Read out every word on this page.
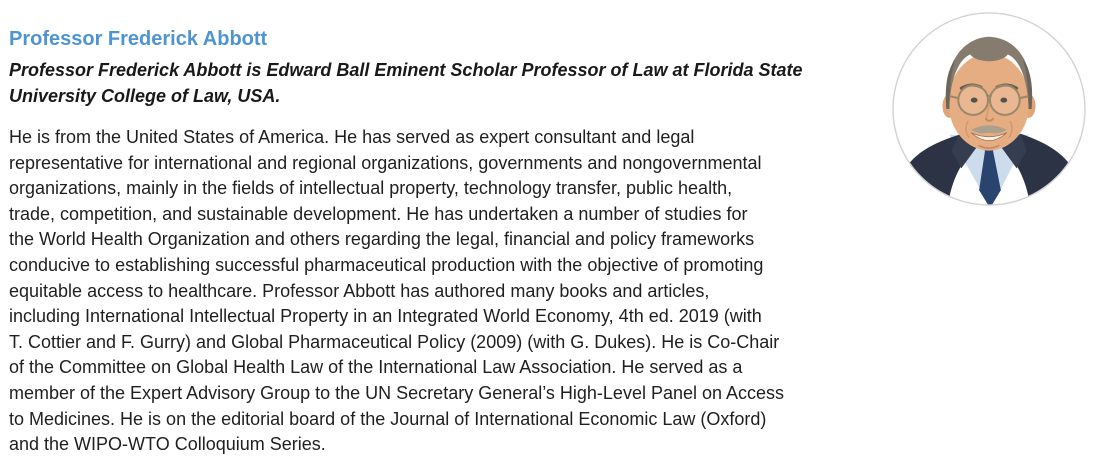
Professor Frederick Abbott
Professor Frederick Abbott is Edward Ball Eminent Scholar Professor of Law at Florida State
University College of Law, USA.
He is from the United States of America. He has served as expert consultant and legal
representative for international and regional organizations, governments and nongovernmental
organizations, mainly in the fields of intellectual property, technology transfer, public health,
trade, competition, and sustainable development. He has undertaken a number of studies for
the World Health Organization and others regarding the legal, financial and policy frameworks
conducive to establishing successful pharmaceutical production with the objective of promoting
equitable access to healthcare. Professor Abbott has authored many books and articles,
including International Intellectual Property in an Integrated World Economy, 4th ed. 2019 (with
T. Cottier and F. Gurry) and Global Pharmaceutical Policy (2009) (with G. Dukes). He is Co-Chair
of the Committee on Global Health Law of the International Law Association. He served as a
member of the Expert Advisory Group to the UN Secretary General’s High-Level Panel on Access
to Medicines. He is on the editorial board of the Journal of International Economic Law (Oxford)
and the WIPO-WTO Colloquium Series.
